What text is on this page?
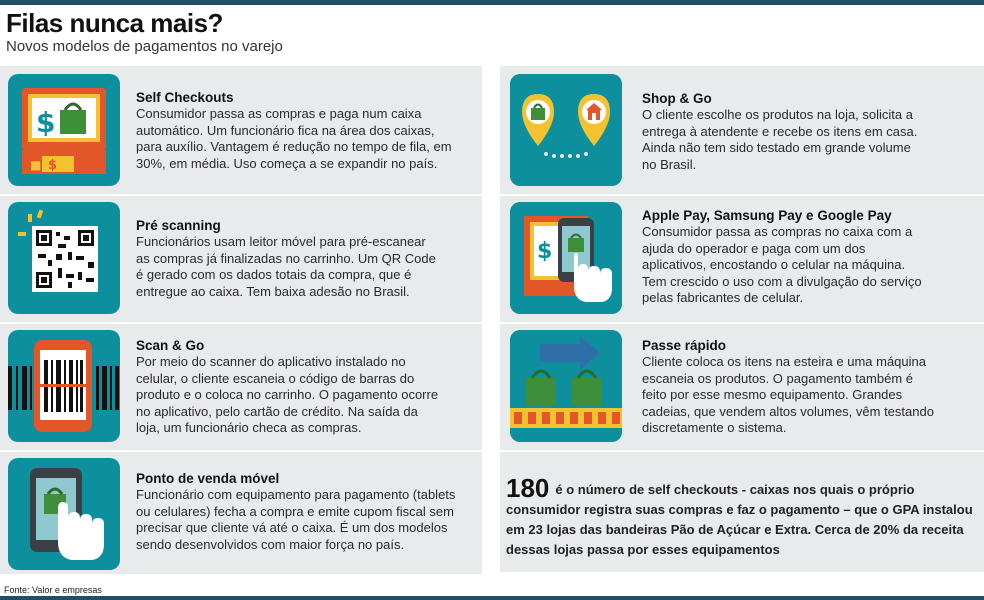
Filas nunca mais?
Novos modelos de pagamentos no varejo
$
$
■
Self Checkouts
Consumidor passa as compras e paga num caixa
automático. Um funcionário fica na área dos caixas,
para auxílio. Vantagem é redução no tempo de fila, em
30%, em média. Uso começa a se expandir no país.
Pré scanning
Funcionários usam leitor móvel para pré-escanear
as compras já finalizadas no carrinho. Um QR Code
é gerado com os dados totais da compra, que é
entregue ao caixa. Tem baixa adesão no Brasil.
Scan & Go
Por meio do scanner do aplicativo instalado no
celular, o cliente escaneia o código de barras do
produto e o coloca no carrinho. O pagamento ocorre
no aplicativo, pelo cartão de crédito. Na saída da
loja, um funcionário checa as compras.
Ponto de venda móvel
Funcionário com equipamento para pagamento (tablets
ou celulares) fecha a compra e emite cupom fiscal sem
precisar que cliente vá até o caixa. É um dos modelos
sendo desenvolvidos com maior força no país.
Shop & Go
O cliente escolhe os produtos na loja, solicita a
entrega à atendente e recebe os itens em casa.
Ainda não tem sido testado em grande volume
no Brasil.
$
Apple Pay, Samsung Pay e Google Pay
Consumidor passa as compras no caixa com a
ajuda do operador e paga com um dos
aplicativos, encostando o celular na máquina.
Tem crescido o uso com a divulgação do serviço
pelas fabricantes de celular.
Passe rápido
Cliente coloca os itens na esteira e uma máquina
escaneia os produtos. O pagamento também é
feito por esse mesmo equipamento. Grandes
cadeias, que vendem altos volumes, vêm testando
discretamente o sistema.
180 é o número de self checkouts - caixas nos quais o próprio consumidor registra suas compras e faz o pagamento – que o GPA instalou em 23 lojas das bandeiras Pão de Açúcar e Extra. Cerca de 20% da receita dessas lojas passa por esses equipamentos
Fonte: Valor e empresas
